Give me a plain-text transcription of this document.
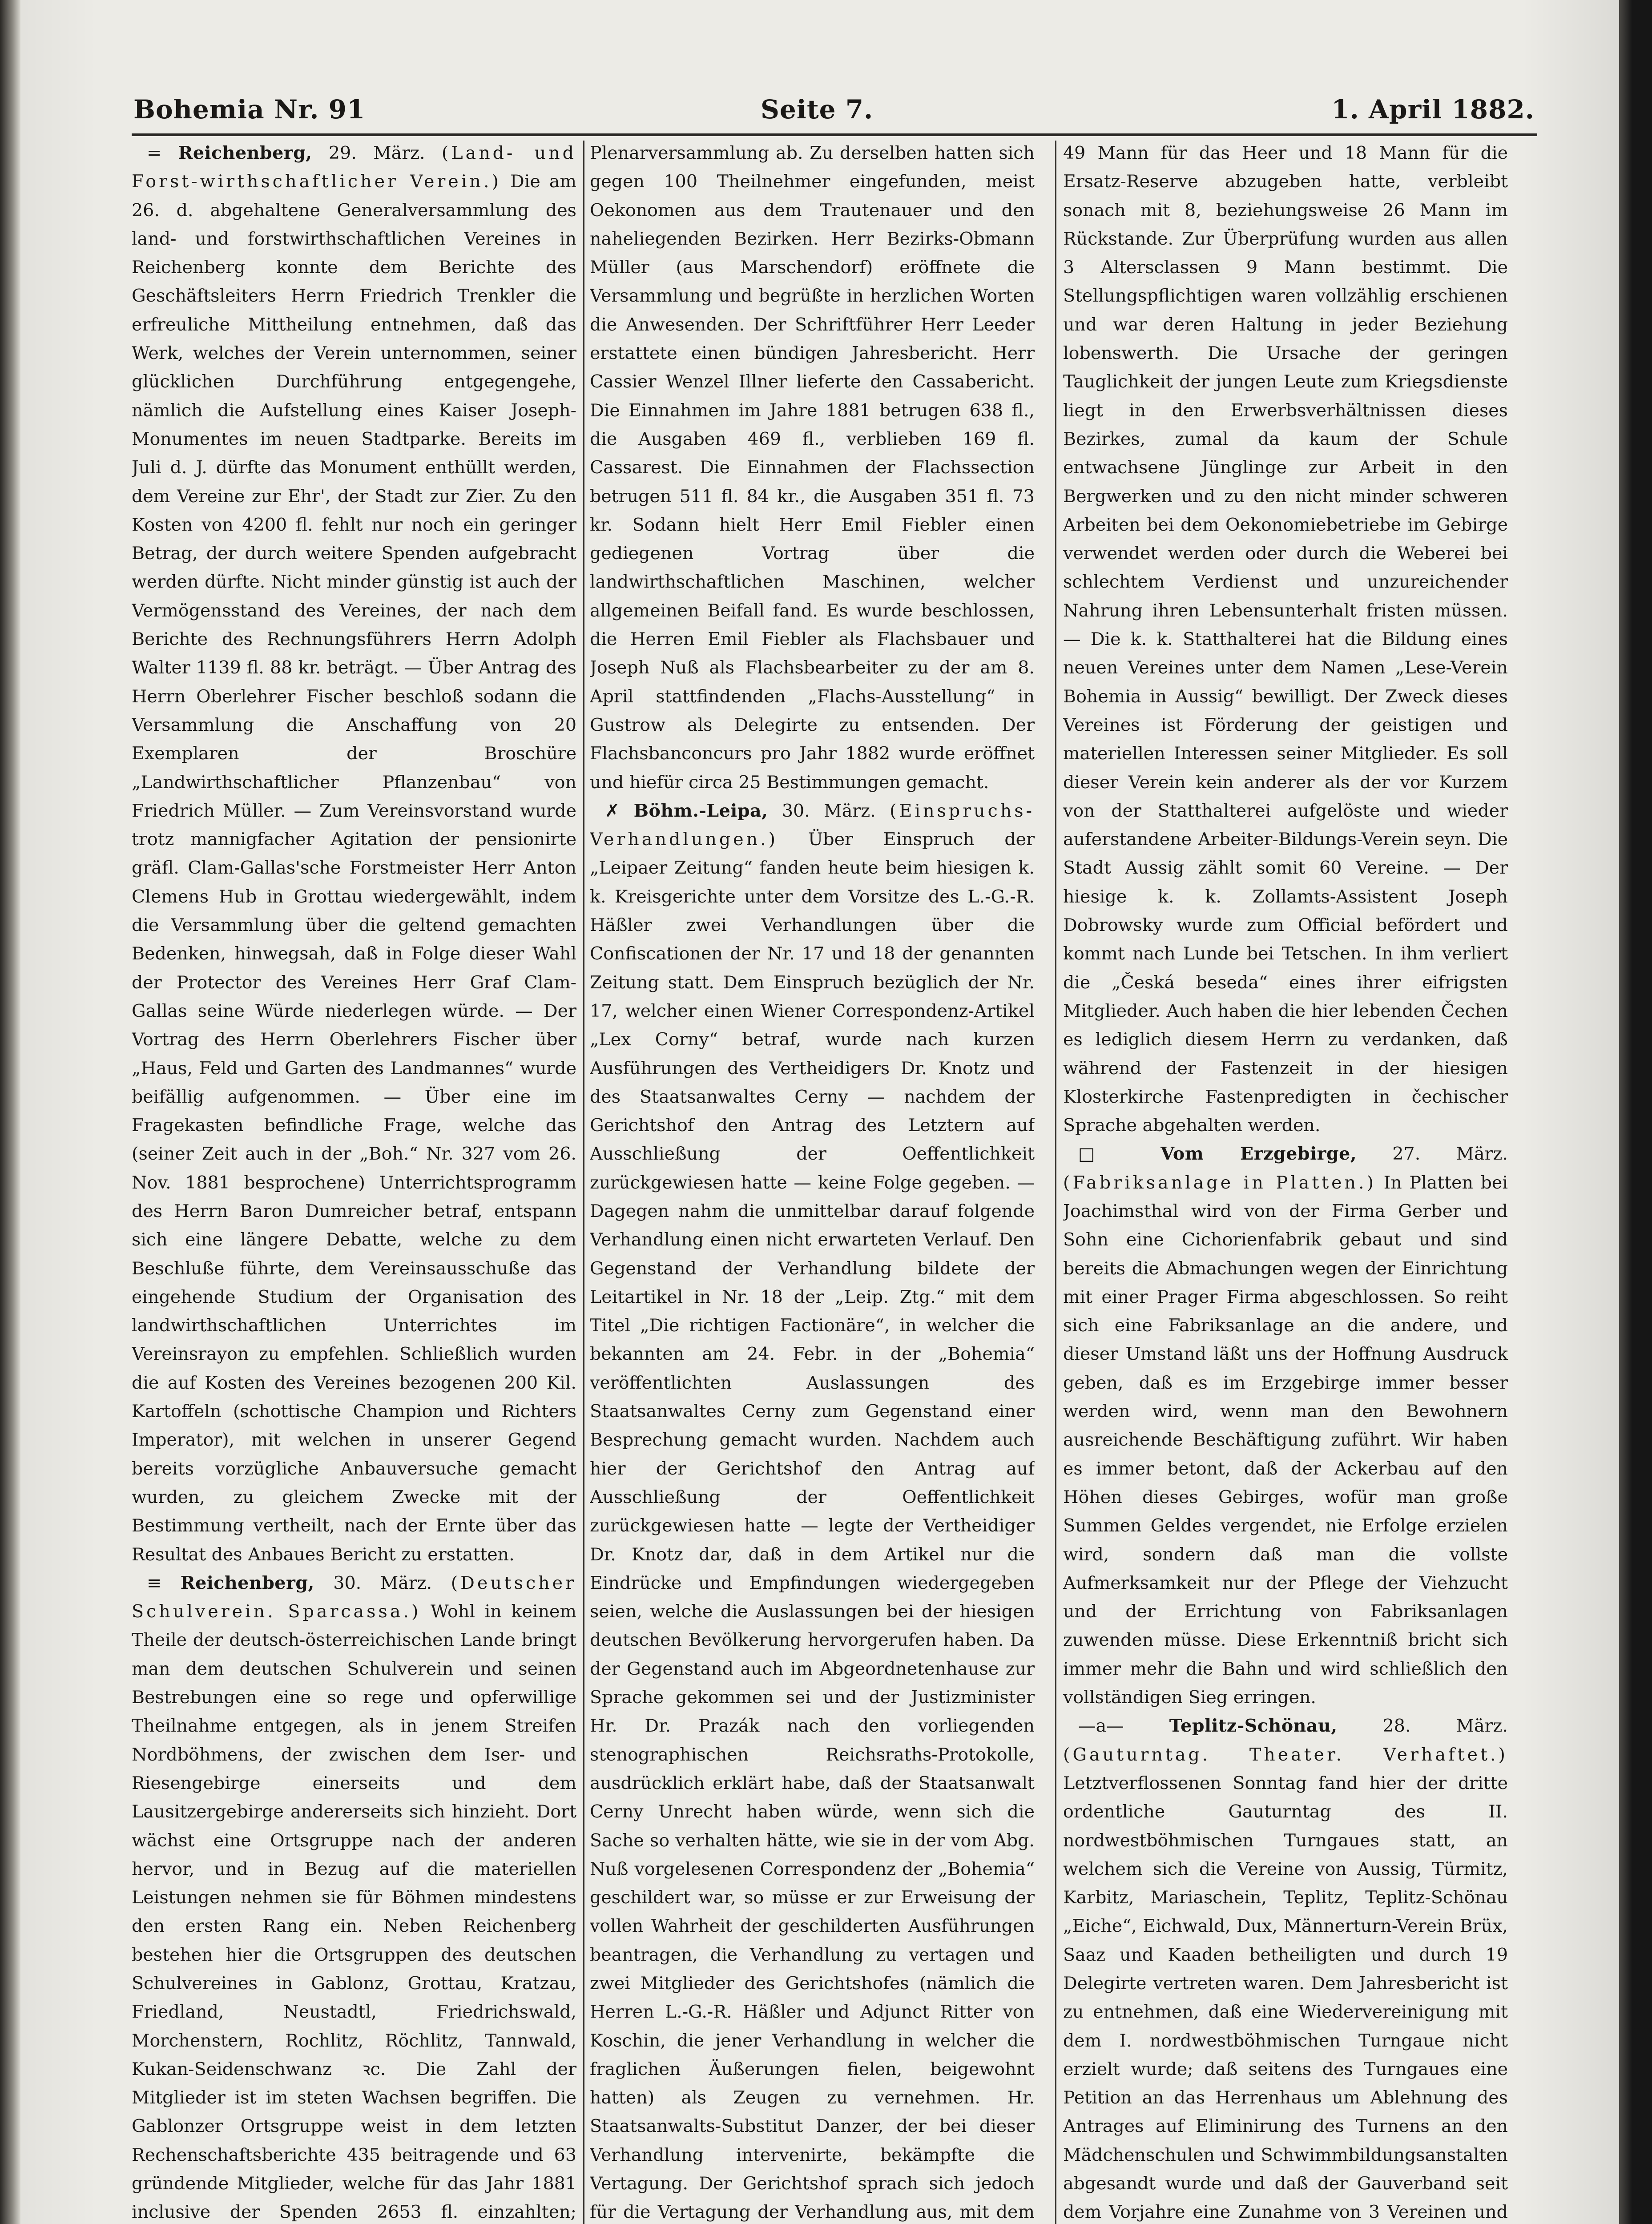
Bohemia Nr. 91	Seite 7.	1. April 1882.

= Reichenberg, 29. März. (Land- und Forst-wirthschaftlicher Verein.) Die am 26. d. abgehaltene Generalversammlung des land- und forstwirthschaftlichen Vereines in Reichenberg konnte dem Berichte des Geschäftsleiters Herrn Friedrich Trenkler die erfreuliche Mittheilung entnehmen, daß das Werk, welches der Verein unternommen, seiner glücklichen Durchführung entgegengehe, nämlich die Aufstellung eines Kaiser Joseph-Monumentes im neuen Stadtparke. Bereits im Juli d. J. dürfte das Monument enthüllt werden, dem Vereine zur Ehr', der Stadt zur Zier. Zu den Kosten von 4200 fl. fehlt nur noch ein geringer Betrag, der durch weitere Spenden aufgebracht werden dürfte. Nicht minder günstig ist auch der Vermögensstand des Vereines, der nach dem Berichte des Rechnungsführers Herrn Adolph Walter 1139 fl. 88 kr. beträgt. — Über Antrag des Herrn Oberlehrer Fischer beschloß sodann die Versammlung die Anschaffung von 20 Exemplaren der Broschüre „Landwirthschaftlicher Pflanzenbau“ von Friedrich Müller. — Zum Vereinsvorstand wurde trotz mannigfacher Agitation der pensionirte gräfl. Clam-Gallas'sche Forstmeister Herr Anton Clemens Hub in Grottau wiedergewählt, indem die Versammlung über die geltend gemachten Bedenken, hinwegsah, daß in Folge dieser Wahl der Protector des Vereines Herr Graf Clam-Gallas seine Würde niederlegen würde. — Der Vortrag des Herrn Oberlehrers Fischer über „Haus, Feld und Garten des Landmannes“ wurde beifällig aufgenommen. — Über eine im Fragekasten befindliche Frage, welche das (seiner Zeit auch in der „Boh.“ Nr. 327 vom 26. Nov. 1881 besprochene) Unterrichtsprogramm des Herrn Baron Dumreicher betraf, entspann sich eine längere Debatte, welche zu dem Beschluße führte, dem Vereinsausschuße das eingehende Studium der Organisation des landwirthschaftlichen Unterrichtes im Vereinsrayon zu empfehlen. Schließlich wurden die auf Kosten des Vereines bezogenen 200 Kil. Kartoffeln (schottische Champion und Richters Imperator), mit welchen in unserer Gegend bereits vorzügliche Anbauversuche gemacht wurden, zu gleichem Zwecke mit der Bestimmung vertheilt, nach der Ernte über das Resultat des Anbaues Bericht zu erstatten.

≡ Reichenberg, 30. März. (Deutscher Schulverein. Sparcassa.) Wohl in keinem Theile der deutsch-österreichischen Lande bringt man dem deutschen Schulverein und seinen Bestrebungen eine so rege und opferwillige Theilnahme entgegen, als in jenem Streifen Nordböhmens, der zwischen dem Iser- und Riesengebirge einerseits und dem Lausitzergebirge andererseits sich hinzieht. Dort wächst eine Ortsgruppe nach der anderen hervor, und in Bezug auf die materiellen Leistungen nehmen sie für Böhmen mindestens den ersten Rang ein. Neben Reichenberg bestehen hier die Ortsgruppen des deutschen Schulvereines in Gablonz, Grottau, Kratzau, Friedland, Neustadtl, Friedrichswald, Morchenstern, Rochlitz, Röchlitz, Tannwald, Kukan-Seidenschwanz ꝛc. Die Zahl der Mitglieder ist im steten Wachsen begriffen. Die Gablonzer Ortsgruppe weist in dem letzten Rechenschaftsberichte 435 beitragende und 63 gründende Mitglieder, welche für das Jahr 1881 inclusive der Spenden 2653 fl. einzahlten;

Plenarversammlung ab. Zu derselben hatten sich gegen 100 Theilnehmer eingefunden, meist Oekonomen aus dem Trautenauer und den naheliegenden Bezirken. Herr Bezirks-Obmann Müller (aus Marschendorf) eröffnete die Versammlung und begrüßte in herzlichen Worten die Anwesenden. Der Schriftführer Herr Leeder erstattete einen bündigen Jahresbericht. Herr Cassier Wenzel Illner lieferte den Cassabericht. Die Einnahmen im Jahre 1881 betrugen 638 fl., die Ausgaben 469 fl., verblieben 169 fl. Cassarest. Die Einnahmen der Flachssection betrugen 511 fl. 84 kr., die Ausgaben 351 fl. 73 kr. Sodann hielt Herr Emil Fiebler einen gediegenen Vortrag über die landwirthschaftlichen Maschinen, welcher allgemeinen Beifall fand. Es wurde beschlossen, die Herren Emil Fiebler als Flachsbauer und Joseph Nuß als Flachsbearbeiter zu der am 8. April stattfindenden „Flachs-Ausstellung“ in Gustrow als Delegirte zu entsenden. Der Flachsbanconcurs pro Jahr 1882 wurde eröffnet und hiefür circa 25 Bestimmungen gemacht.

✗ Böhm.-Leipa, 30. März. (Einspruchs-Verhandlungen.) Über Einspruch der „Leipaer Zeitung“ fanden heute beim hiesigen k. k. Kreisgerichte unter dem Vorsitze des L.-G.-R. Häßler zwei Verhandlungen über die Confiscationen der Nr. 17 und 18 der genannten Zeitung statt. Dem Einspruch bezüglich der Nr. 17, welcher einen Wiener Correspondenz-Artikel „Lex Corny“ betraf, wurde nach kurzen Ausführungen des Vertheidigers Dr. Knotz und des Staatsanwaltes Cerny — nachdem der Gerichtshof den Antrag des Letztern auf Ausschließung der Oeffentlichkeit zurückgewiesen hatte — keine Folge gegeben. — Dagegen nahm die unmittelbar darauf folgende Verhandlung einen nicht erwarteten Verlauf. Den Gegenstand der Verhandlung bildete der Leitartikel in Nr. 18 der „Leip. Ztg.“ mit dem Titel „Die richtigen Factionäre“, in welcher die bekannten am 24. Febr. in der „Bohemia“ veröffentlichten Auslassungen des Staatsanwaltes Cerny zum Gegenstand einer Besprechung gemacht wurden. Nachdem auch hier der Gerichtshof den Antrag auf Ausschließung der Oeffentlichkeit zurückgewiesen hatte — legte der Vertheidiger Dr. Knotz dar, daß in dem Artikel nur die Eindrücke und Empfindungen wiedergegeben seien, welche die Auslassungen bei der hiesigen deutschen Bevölkerung hervorgerufen haben. Da der Gegenstand auch im Abgeordnetenhause zur Sprache gekommen sei und der Justizminister Hr. Dr. Prazák nach den vorliegenden stenographischen Reichsraths-Protokolle, ausdrücklich erklärt habe, daß der Staatsanwalt Cerny Unrecht haben würde, wenn sich die Sache so verhalten hätte, wie sie in der vom Abg. Nuß vorgelesenen Correspondenz der „Bohemia“ geschildert war, so müsse er zur Erweisung der vollen Wahrheit der geschilderten Ausführungen beantragen, die Verhandlung zu vertagen und zwei Mitglieder des Gerichtshofes (nämlich die Herren L.-G.-R. Häßler und Adjunct Ritter von Koschin, die jener Verhandlung in welcher die fraglichen Äußerungen fielen, beigewohnt hatten) als Zeugen zu vernehmen. Hr. Staatsanwalts-Substitut Danzer, der bei dieser Verhandlung intervenirte, bekämpfte die Vertagung. Der Gerichtshof sprach sich jedoch für die Vertagung der Verhandlung aus, mit dem

49 Mann für das Heer und 18 Mann für die Ersatz-Reserve abzugeben hatte, verbleibt sonach mit 8, beziehungsweise 26 Mann im Rückstande. Zur Überprüfung wurden aus allen 3 Altersclassen 9 Mann bestimmt. Die Stellungspflichtigen waren vollzählig erschienen und war deren Haltung in jeder Beziehung lobenswerth. Die Ursache der geringen Tauglichkeit der jungen Leute zum Kriegsdienste liegt in den Erwerbsverhältnissen dieses Bezirkes, zumal da kaum der Schule entwachsene Jünglinge zur Arbeit in den Bergwerken und zu den nicht minder schweren Arbeiten bei dem Oekonomiebetriebe im Gebirge verwendet werden oder durch die Weberei bei schlechtem Verdienst und unzureichender Nahrung ihren Lebensunterhalt fristen müssen. — Die k. k. Statthalterei hat die Bildung eines neuen Vereines unter dem Namen „Lese-Verein Bohemia in Aussig“ bewilligt. Der Zweck dieses Vereines ist Förderung der geistigen und materiellen Interessen seiner Mitglieder. Es soll dieser Verein kein anderer als der vor Kurzem von der Statthalterei aufgelöste und wieder auferstandene Arbeiter-Bildungs-Verein seyn. Die Stadt Aussig zählt somit 60 Vereine. — Der hiesige k. k. Zollamts-Assistent Joseph Dobrowsky wurde zum Official befördert und kommt nach Lunde bei Tetschen. In ihm verliert die „Česká beseda“ eines ihrer eifrigsten Mitglieder. Auch haben die hier lebenden Čechen es lediglich diesem Herrn zu verdanken, daß während der Fastenzeit in der hiesigen Klosterkirche Fastenpredigten in čechischer Sprache abgehalten werden.

□ Vom Erzgebirge, 27. März. (Fabriksanlage in Platten.) In Platten bei Joachimsthal wird von der Firma Gerber und Sohn eine Cichorienfabrik gebaut und sind bereits die Abmachungen wegen der Einrichtung mit einer Prager Firma abgeschlossen. So reiht sich eine Fabriksanlage an die andere, und dieser Umstand läßt uns der Hoffnung Ausdruck geben, daß es im Erzgebirge immer besser werden wird, wenn man den Bewohnern ausreichende Beschäftigung zuführt. Wir haben es immer betont, daß der Ackerbau auf den Höhen dieses Gebirges, wofür man große Summen Geldes vergendet, nie Erfolge erzielen wird, sondern daß man die vollste Aufmerksamkeit nur der Pflege der Viehzucht und der Errichtung von Fabriksanlagen zuwenden müsse. Diese Erkenntniß bricht sich immer mehr die Bahn und wird schließlich den vollständigen Sieg erringen.

—a—	Teplitz-Schönau,	28. März. (Gauturntag. Theater. Verhaftet.) Letztverflossenen Sonntag fand hier der dritte ordentliche Gauturntag des II. nordwestböhmischen Turngaues statt, an welchem sich die Vereine von Aussig, Türmitz, Karbitz, Mariaschein, Teplitz, Teplitz-Schönau „Eiche“, Eichwald, Dux, Männerturn-Verein Brüx, Saaz und Kaaden betheiligten und durch 19 Delegirte vertreten waren. Dem Jahresbericht ist zu entnehmen, daß eine Wiedervereinigung mit dem I. nordwestböhmischen Turngaue nicht erzielt wurde; daß seitens des Turngaues eine Petition an das Herrenhaus um Ablehnung des Antrages auf Eliminirung des Turnens an den Mädchenschulen und Schwimmbildungsanstalten abgesandt wurde und daß der Gauverband seit dem Vorjahre eine Zunahme von 3 Vereinen und
